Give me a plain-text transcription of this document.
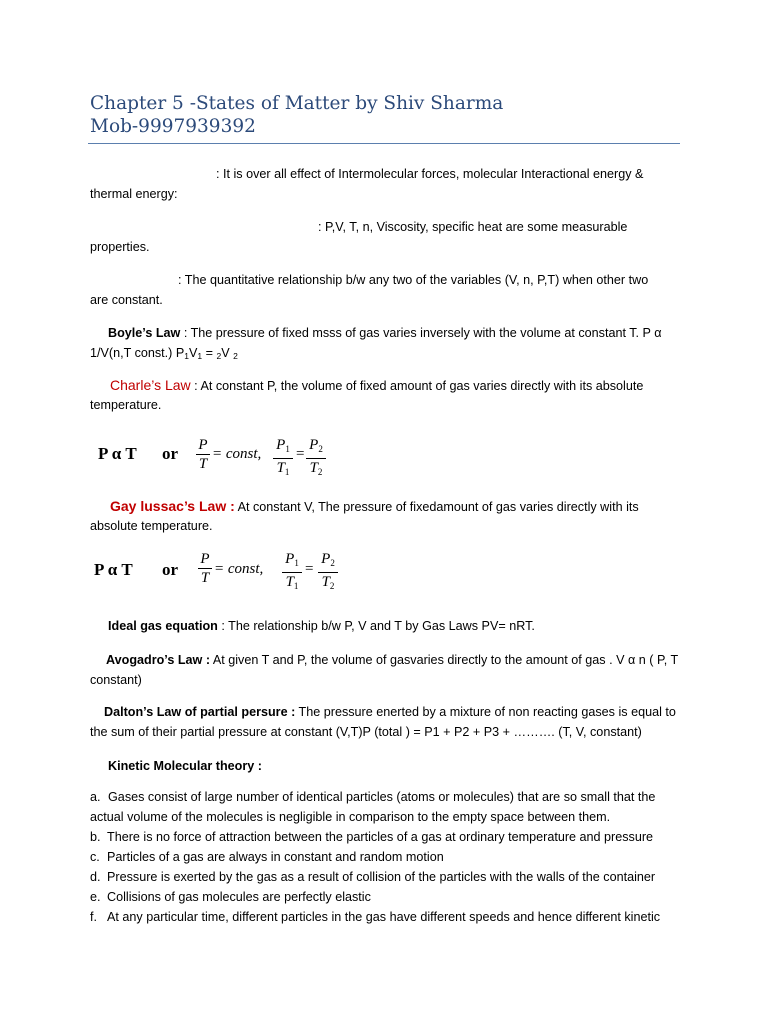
Chapter 5 -States of Matter by Shiv Sharma
Mob-9997939392
: It is over all effect of Intermolecular forces, molecular Interactional energy &
thermal energy:
: P,V, T, n, Viscosity, specific heat are some measurable
properties.
: The quantitative relationship b/w any two of the variables (V, n, P,T) when other two
are constant.
Boyle’s Law : The pressure of fixed msss of gas varies inversely with the volume at constant T. P α
1/V(n,T const.) $P_1V_1 = _2V$ $_2$
Charle’s Law : At constant P, the volume of fixed amount of gas varies directly with its absolute
temperature.
P α T or P
T
= const,
$P_1$
$T_1$
=
$P_2$
$T_2$
Gay lussac’s Law : At constant V, The pressure of fixedamount of gas varies directly with its
absolute temperature.
P α T or
P
T
= const,
$P_1$
$T_1$
=
$P_2$
$T_2$
Ideal gas equation : The relationship b/w P, V and T by Gas Laws PV= nRT.
Avogadro’s Law : At given T and P, the volume of gasvaries directly to the amount of gas . V α n ( P, T
constant)
Dalton’s Law of partial persure : The pressure enerted by a mixture of non reacting gases is equal to
the sum of their partial pressure at constant (V,T)P (total ) = P1 + P2 + P3 + ………. (T, V, constant)
Kinetic Molecular theory :
a. Gases consist of large number of identical particles (atoms or molecules) that are so small that the
actual volume of the molecules is negligible in comparison to the empty space between them.
b. There is no force of attraction between the particles of a gas at ordinary temperature and pressure
c. Particles of a gas are always in constant and random motion
d. Pressure is exerted by the gas as a result of collision of the particles with the walls of the container
e. Collisions of gas molecules are perfectly elastic
f. At any particular time, different particles in the gas have different speeds and hence different kinetic
